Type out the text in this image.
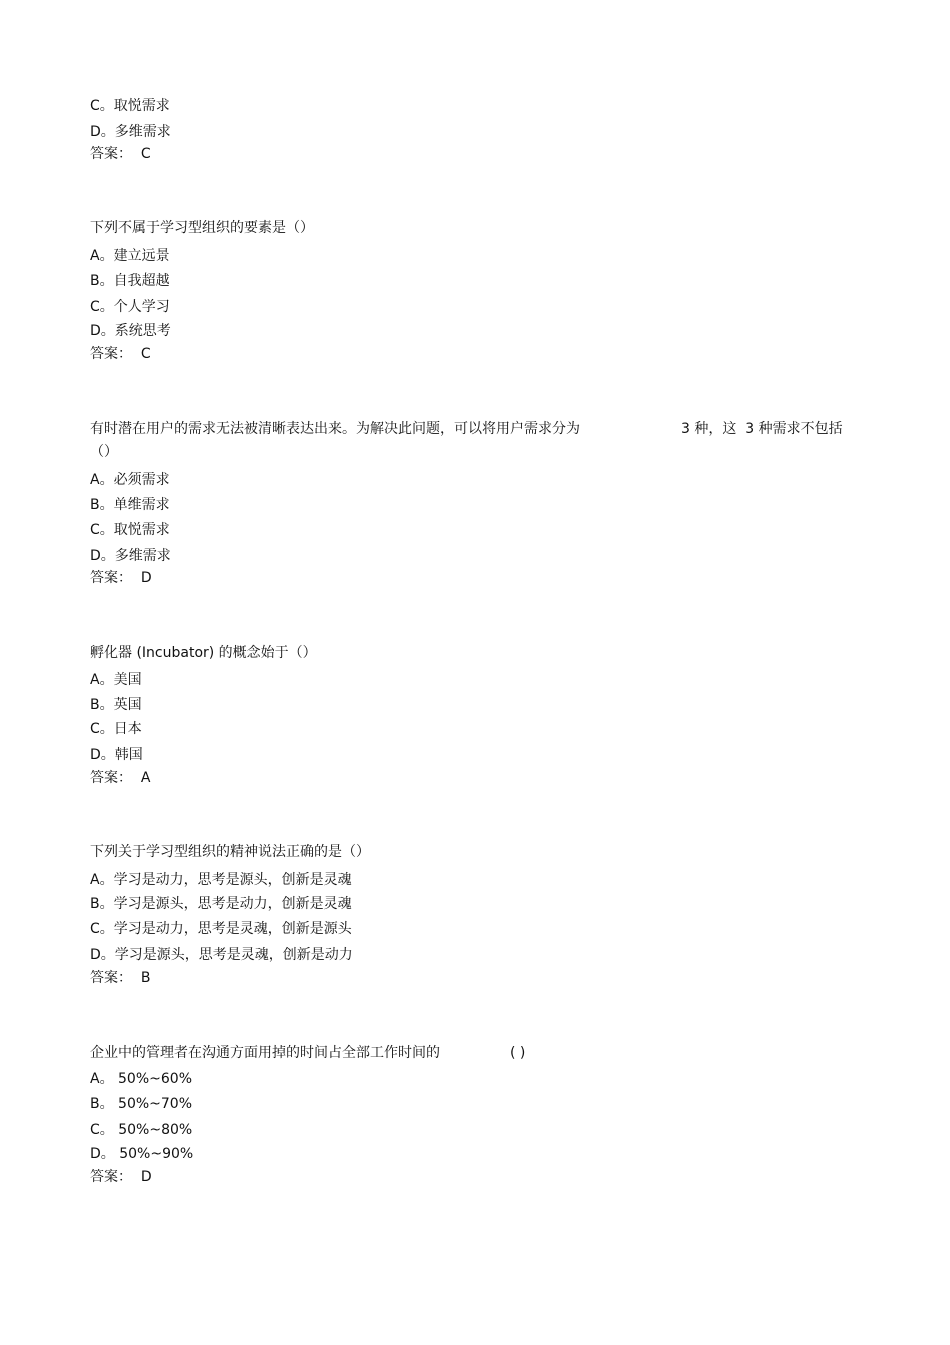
C。取悦需求
D。多维需求
答案：  C
下列不属于学习型组织的要素是（）
A。建立远景
B。自我超越
C。个人学习
D。系统思考
答案：  C
有时潜在用户的需求无法被清晰表达出来。为解决此问题，可以将用户需求分为	3 种，这  3 种需求不包括
（）
A。必须需求
B。单维需求
C。取悦需求
D。多维需求
答案：  D
孵化器 (Incubator) 的概念始于（）
A。美国
B。英国
C。日本
D。韩国
答案：  A
下列关于学习型组织的精神说法正确的是（）
A。学习是动力，思考是源头，创新是灵魂
B。学习是源头，思考是动力，创新是灵魂
C。学习是动力，思考是灵魂，创新是源头
D。学习是源头，思考是灵魂，创新是动力
答案：  B
企业中的管理者在沟通方面用掉的时间占全部工作时间的	( )
A。 50%~60%
B。 50%~70%
C。 50%~80%
D。 50%~90%
答案：  D
